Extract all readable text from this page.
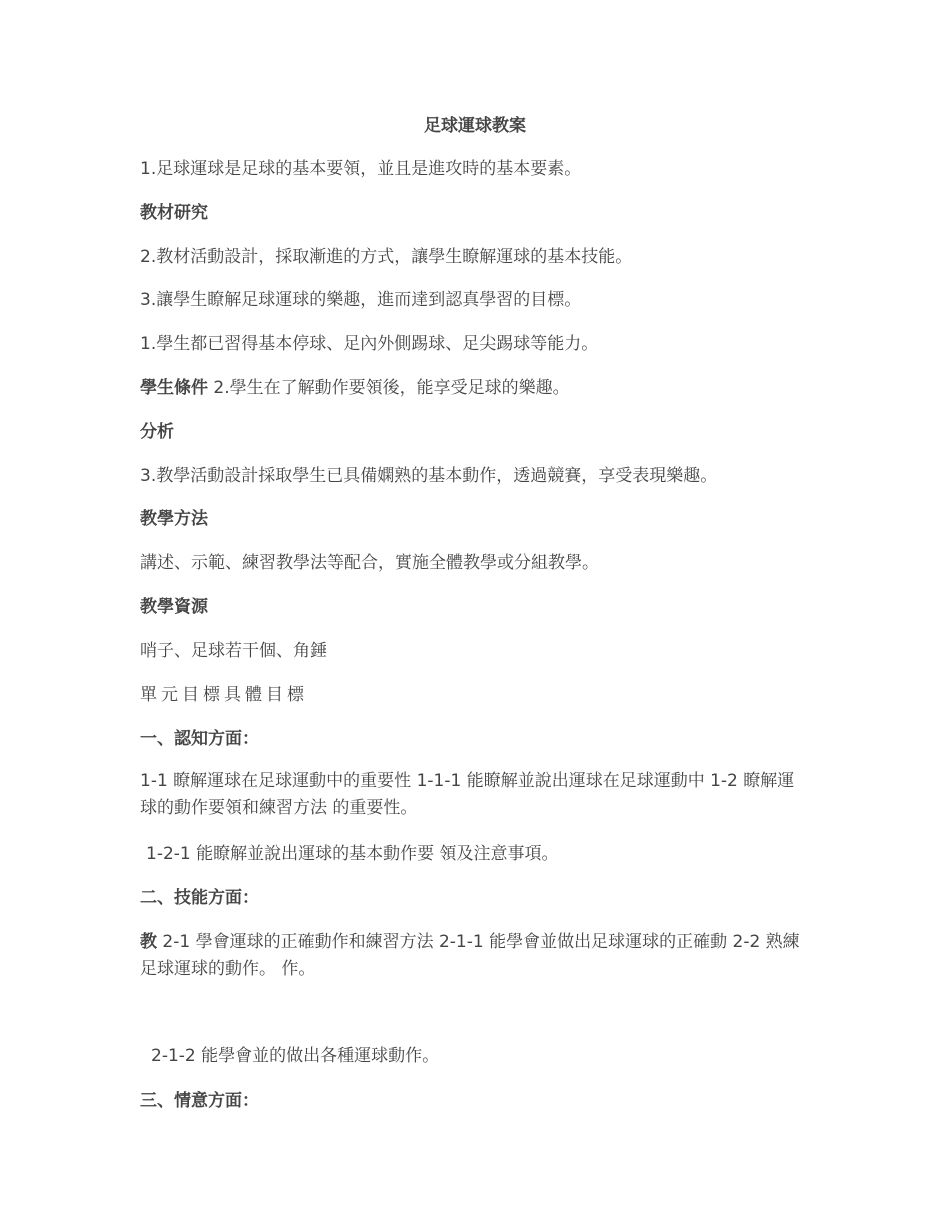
足球運球教案
1.足球運球是足球的基本要領，並且是進攻時的基本要素。
教材研究
2.教材活動設計，採取漸進的方式，讓學生瞭解運球的基本技能。
3.讓學生瞭解足球運球的樂趣，進而達到認真學習的目標。
1.學生都已習得基本停球、足內外側踢球、足尖踢球等能力。
學生條件 2.學生在了解動作要領後，能享受足球的樂趣。
分析
3.教學活動設計採取學生已具備嫻熟的基本動作，透過競賽，享受表現樂趣。
教學方法
講述、示範、練習教學法等配合，實施全體教學或分組教學。
教學資源
哨子、足球若干個、角錘
單元目標具體目標
一、認知方面：
1-1 瞭解運球在足球運動中的重要性 1-1-1 能瞭解並說出運球在足球運動中 1-2 瞭解運球的動作要領和練習方法 的重要性。
1-2-1 能瞭解並說出運球的基本動作要 領及注意事項。
二、技能方面：
教 2-1 學會運球的正確動作和練習方法 2-1-1 能學會並做出足球運球的正確動 2-2 熟練足球運球的動作。 作。
2-1-2 能學會並的做出各種運球動作。
三、情意方面：
